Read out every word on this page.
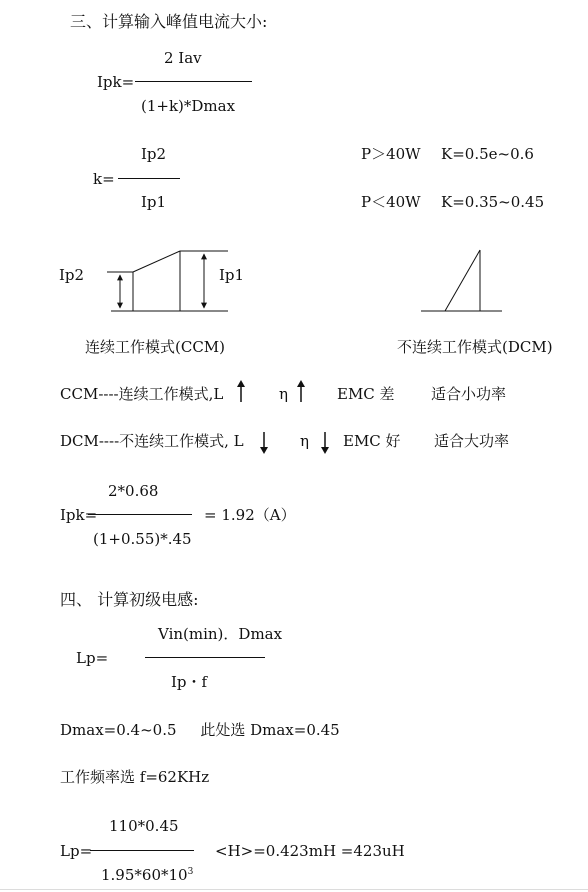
三、计算输入峰值电流大小:
Ipk=
2 Iav
(1+k)*Dmax
k=
Ip2
Ip1
P＞40W K=0.5e~0.6
P＜40W K=0.35~0.45
Ip2	Ip1
连续工作模式(CCM)	不连续工作模式(DCM)
CCM----连续工作模式,L	η	EMC 差 适合小功率
DCM----不连续工作模式, L	η EMC 好 适合大功率
Ipk=
2*0.68
(1+0.55)*.45
= 1.92（A）
四、 计算初级电感:
Lp=
Vin(min)．Dmax
Ip・f
Dmax=0.4~0.5     此处选 Dmax=0.45
工作频率选 f=62KHz
Lp=
110*0.45
$1.95*60*10^3$
<H>=0.423mH =423uH
